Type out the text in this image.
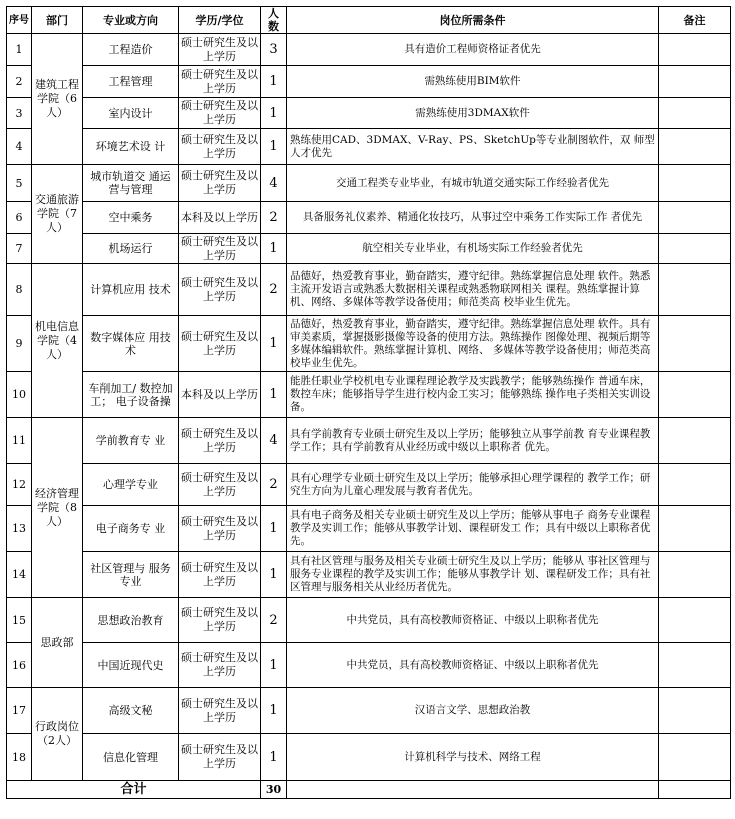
序号	部门	专业或方向	学历/学位	人数	岗位所需条件	备注
1	建筑工程学院（6人）	工程造价	硕士研究生及以上学历	3	具有造价工程师资格证者优先	
2		工程管理	硕士研究生及以上学历	1	需熟练使用BIM软件	
3		室内设计	硕士研究生及以上学历	1	需熟练使用3DMAX软件	
4		环境艺术设 计	硕士研究生及以上学历	1	熟练使用CAD、3DMAX、V-Ray、PS、SketchUp等专业制图软件，双 师型人才优先	
5	交通旅游学院（7人）	城市轨道交 通运营与管理	硕士研究生及以上学历	4	交通工程类专业毕业，有城市轨道交通实际工作经验者优先	
6		空中乘务	本科及以上学历	2	具备服务礼仪素养、精通化妆技巧，从事过空中乘务工作实际工作 者优先	
7		机场运行	硕士研究生及以上学历	1	航空相关专业毕业，有机场实际工作经验者优先	
8	机电信息学院（4人）	计算机应用 技术	硕士研究生及以上学历	2	品德好，热爱教育事业，勤奋踏实，遵守纪律。熟练掌握信息处理 软件。熟悉主流开发语言或熟悉大数据相关课程或熟悉物联网相关 课程。熟练掌握计算机、网络、多媒体等教学设备使用；师范类高 校毕业生优先。	
9		数字媒体应 用技术	硕士研究生及以上学历	1	品德好，热爱教育事业，勤奋踏实，遵守纪律。熟练掌握信息处理 软件。具有审美素质，掌握摄影摄像等设备的使用方法。熟练操作 图像处理、视频后期等多媒体编辑软件。熟练掌握计算机、网络、 多媒体等教学设备使用；师范类高校毕业生优先。	
10		车削加工/ 数控加工； 电子设备操	本科及以上学历	1	能胜任职业学校机电专业课程理论教学及实践教学；能够熟练操作 普通车床，数控车床；能够指导学生进行校内金工实习；能够熟练 操作电子类相关实训设备。	
11	经济管理学院（8人）	学前教育专 业	硕士研究生及以上学历	4	具有学前教育专业硕士研究生及以上学历；能够独立从事学前教 育专业课程教学工作；具有学前教育从业经历或中级以上职称者 优先。	
12		心理学专业	硕士研究生及以上学历	2	具有心理学专业硕士研究生及以上学历；能够承担心理学课程的 教学工作；研究生方向为儿童心理发展与教育者优先。	
13		电子商务专 业	硕士研究生及以上学历	1	具有电子商务及相关专业硕士研究生及以上学历；能够从事电子 商务专业课程教学及实训工作；能够从事教学计划、课程研发工 作；具有中级以上职称者优先。	
14		社区管理与 服务专业	硕士研究生及以上学历	1	具有社区管理与服务及相关专业硕士研究生及以上学历；能够从 事社区管理与服务专业课程的教学及实训工作；能够从事教学计 划、课程研发工作；具有社区管理与服务相关从业经历者优先。	
15	思政部	思想政治教育	硕士研究生及以上学历	2	中共党员，具有高校教师资格证、中级以上职称者优先	
16		中国近现代史	硕士研究生及以上学历	1	中共党员，具有高校教师资格证、中级以上职称者优先	
17	行政岗位（2人）	高级文秘	硕士研究生及以上学历	1	汉语言文学、思想政治教	
18		信息化管理	硕士研究生及以上学历	1	计算机科学与技术、网络工程	
合计				30		
